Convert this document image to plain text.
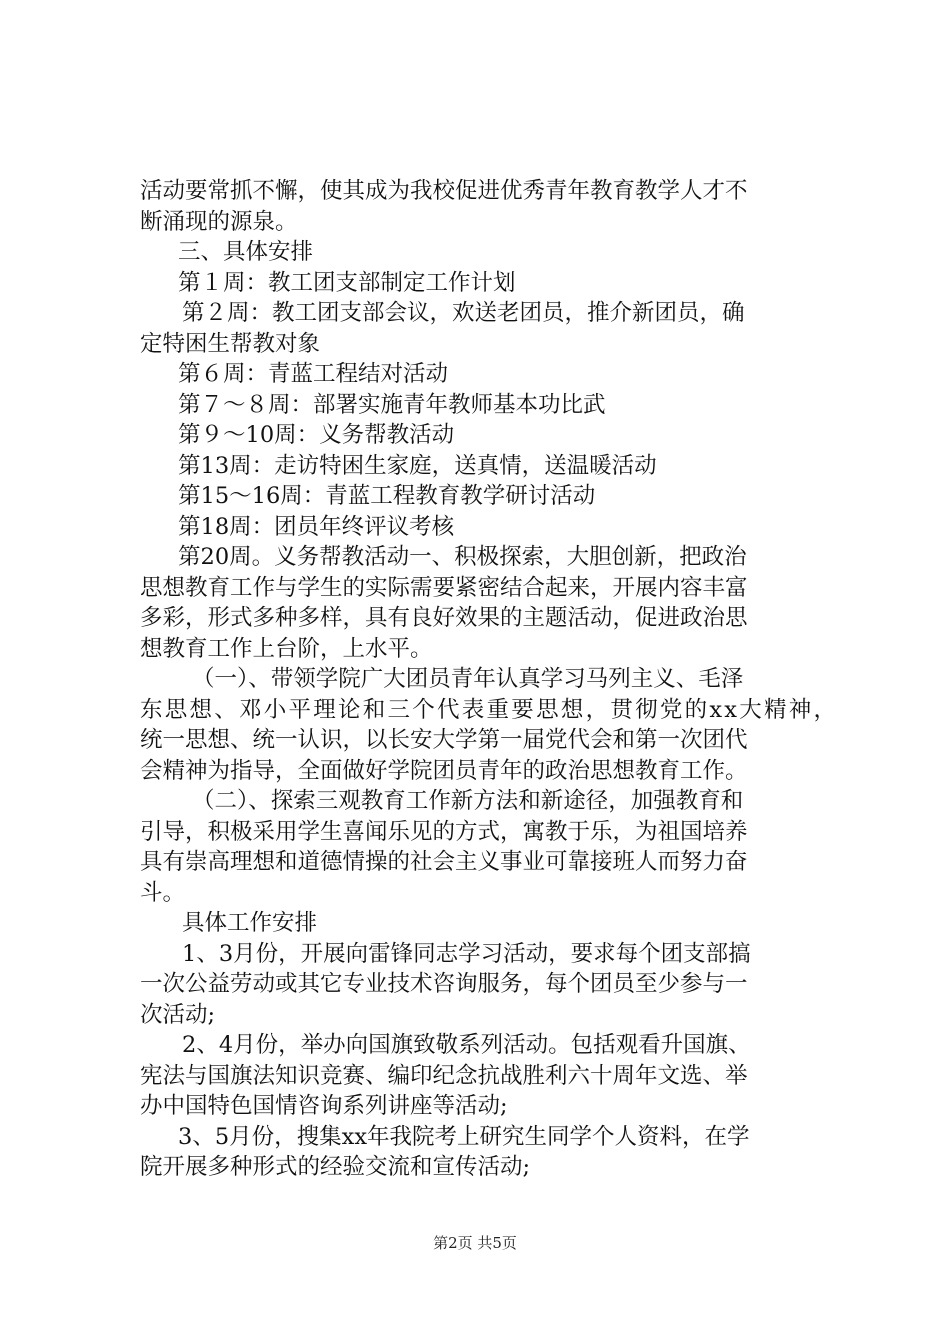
活动要常抓不懈，使其成为我校促进优秀青年教育教学人才不
断涌现的源泉。
三、具体安排
第１周：教工团支部制定工作计划
第２周：教工团支部会议，欢送老团员，推介新团员，确
定特困生帮教对象
第６周：青蓝工程结对活动
第７～８周：部署实施青年教师基本功比武
第９～10周：义务帮教活动
第13周：走访特困生家庭，送真情，送温暖活动
第15～16周：青蓝工程教育教学研讨活动
第18周：团员年终评议考核
第20周。义务帮教活动一、积极探索，大胆创新，把政治
思想教育工作与学生的实际需要紧密结合起来，开展内容丰富
多彩，形式多种多样，具有良好效果的主题活动，促进政治思
想教育工作上台阶，上水平。
（一）、带领学院广大团员青年认真学习马列主义、毛泽
东思想、邓小平理论和三个代表重要思想，贯彻党的xx大精神，
统一思想、统一认识，以长安大学第一届党代会和第一次团代
会精神为指导，全面做好学院团员青年的政治思想教育工作。
（二）、探索三观教育工作新方法和新途径，加强教育和
引导，积极采用学生喜闻乐见的方式，寓教于乐，为祖国培养
具有崇高理想和道德情操的社会主义事业可靠接班人而努力奋
斗。
具体工作安排
1、3月份，开展向雷锋同志学习活动，要求每个团支部搞
一次公益劳动或其它专业技术咨询服务，每个团员至少参与一
次活动;
2、4月份，举办向国旗致敬系列活动。包括观看升国旗、
宪法与国旗法知识竞赛、编印纪念抗战胜利六十周年文选、举
办中国特色国情咨询系列讲座等活动;
3、5月份，搜集xx年我院考上研究生同学个人资料，在学
院开展多种形式的经验交流和宣传活动;
第2页 共5页
